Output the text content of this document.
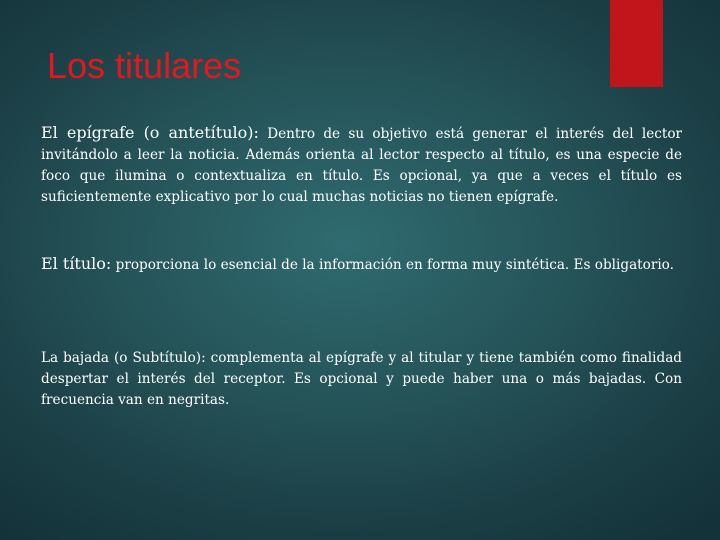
Los titulares

El epígrafe (o antetítulo): Dentro de su objetivo está generar el interés del lector invitándolo a leer la noticia. Además orienta al lector respecto al título, es una especie de foco que ilumina o contextualiza en título. Es opcional, ya que a veces el título es suficientemente explicativo por lo cual muchas noticias no tienen epígrafe.

El título: proporciona lo esencial de la información en forma muy sintética. Es obligatorio.

La bajada (o Subtítulo): complementa al epígrafe y al titular y tiene también como finalidad despertar el interés del receptor. Es opcional y puede haber una o más bajadas. Con frecuencia van en negritas.
